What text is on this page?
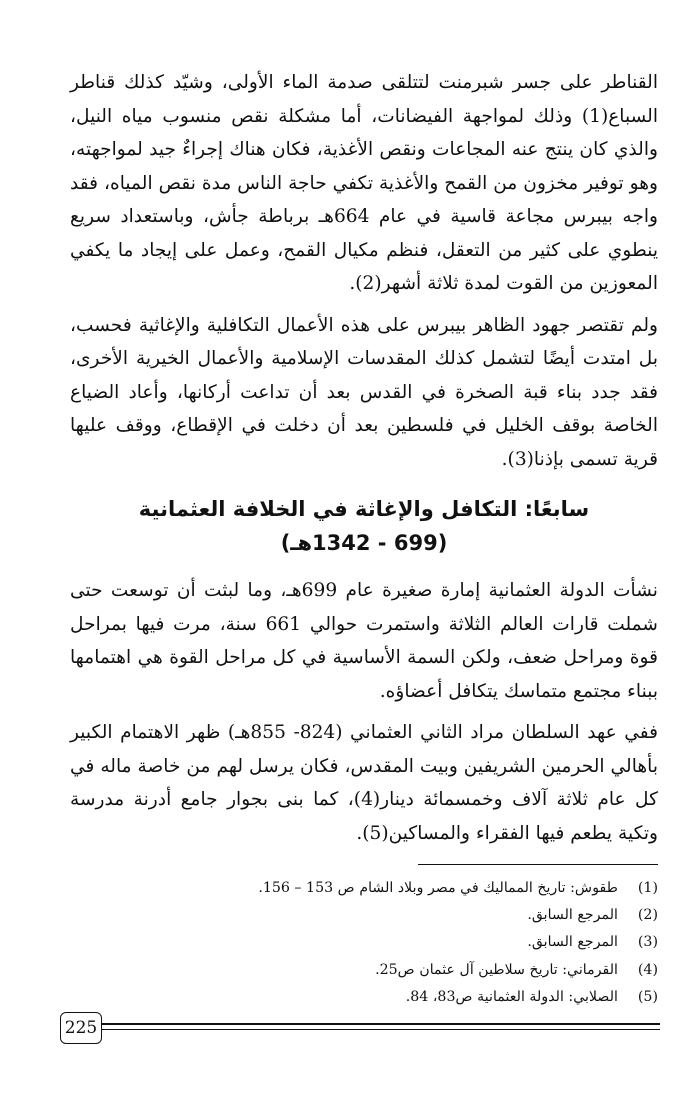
القناطر على جسر شبرمنت لتتلقى صدمة الماء الأولى، وشيّد كذلك قناطر السباع(1) وذلك لمواجهة الفيضانات، أما مشكلة نقص منسوب مياه النيل، والذي كان ينتج عنه المجاعات ونقص الأغذية، فكان هناك إجراءٌ جيد لمواجهته، وهو توفير مخزون من القمح والأغذية تكفي حاجة الناس مدة نقص المياه، فقد واجه بيبرس مجاعة قاسية في عام 664هـ برباطة جأش، وباستعداد سريع ينطوي على كثير من التعقل، فنظم مكيال القمح، وعمل على إيجاد ما يكفي المعوزين من القوت لمدة ثلاثة أشهر(2).

ولم تقتصر جهود الظاهر بيبرس على هذه الأعمال التكافلية والإغاثية فحسب، بل امتدت أيضًا لتشمل كذلك المقدسات الإسلامية والأعمال الخيرية الأخرى، فقد جدد بناء قبة الصخرة في القدس بعد أن تداعت أركانها، وأعاد الضياع الخاصة بوقف الخليل في فلسطين بعد أن دخلت في الإقطاع، ووقف عليها قرية تسمى بإذنا(3).

سابعًا: التكافل والإغاثة في الخلافة العثمانية
(699 - 1342هـ)

نشأت الدولة العثمانية إمارة صغيرة عام 699هـ، وما لبثت أن توسعت حتى شملت قارات العالم الثلاثة واستمرت حوالي 661 سنة، مرت فيها بمراحل قوة ومراحل ضعف، ولكن السمة الأساسية في كل مراحل القوة هي اهتمامها ببناء مجتمع متماسك يتكافل أعضاؤه.

ففي عهد السلطان مراد الثاني العثماني (824- 855هـ) ظهر الاهتمام الكبير بأهالي الحرمين الشريفين وبيت المقدس، فكان يرسل لهم من خاصة ماله في كل عام ثلاثة آلاف وخمسمائة دينار(4)، كما بنى بجوار جامع أدرنة مدرسة وتكية يطعم فيها الفقراء والمساكين(5).

(1)
طقوش: تاريخ المماليك في مصر وبلاد الشام ص 153 – 156.
(2)
المرجع السابق.
(3)
المرجع السابق.
(4)
القرماني: تاريخ سلاطين آل عثمان ص25.
(5)
الصلابي: الدولة العثمانية ص83، 84.
225
